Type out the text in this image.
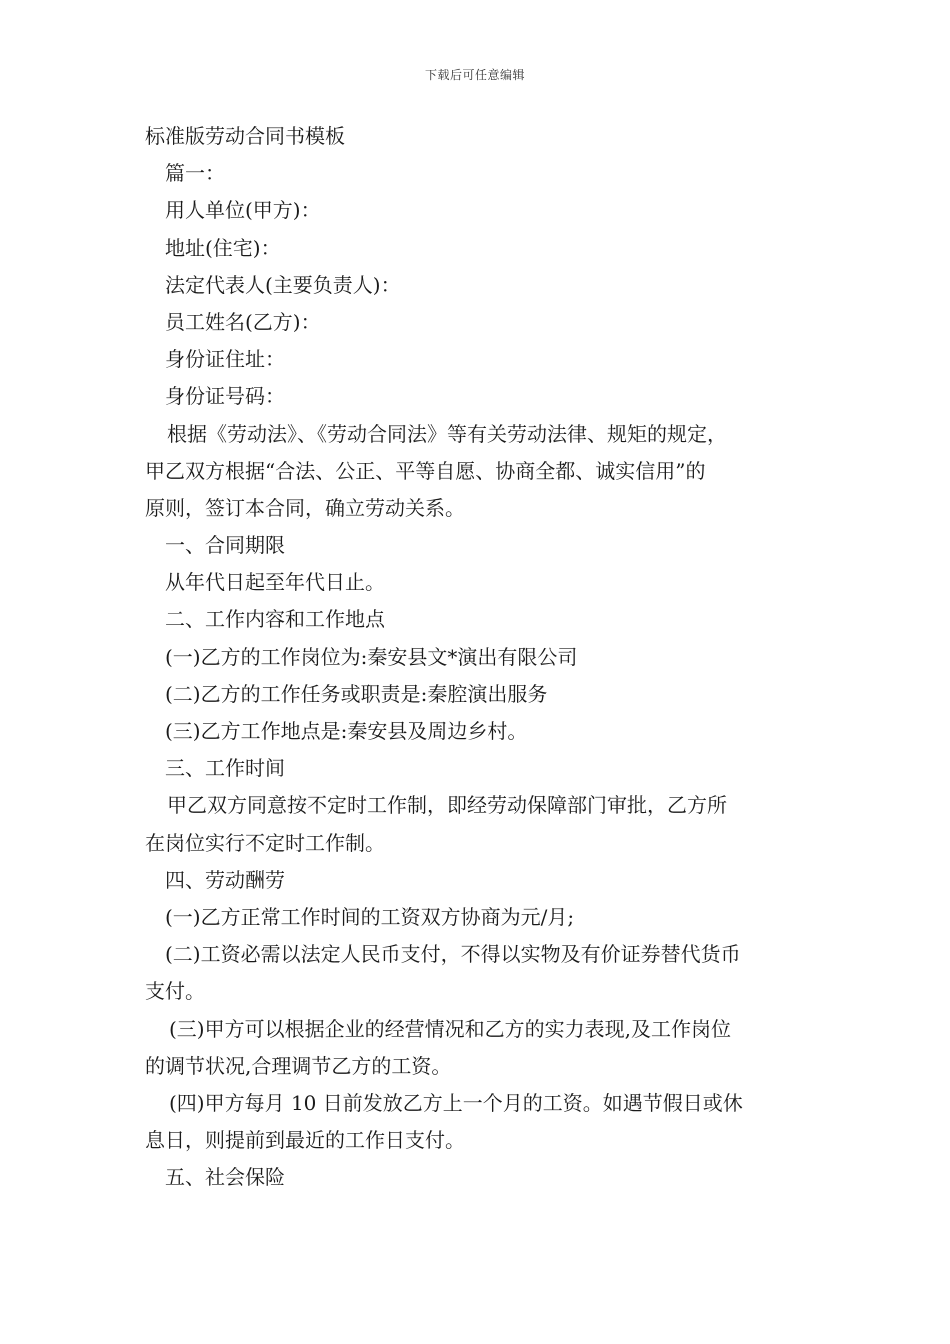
下载后可任意编辑

标准版劳动合同书模板

篇一：

用人单位(甲方)：

地址(住宅)：

法定代表人(主要负责人)：

员工姓名(乙方)：

身份证住址：

身份证号码：

根据《劳动法》、《劳动合同法》等有关劳动法律、规矩的规定，

甲乙双方根据“合法、公正、平等自愿、协商全都、诚实信用”的

原则，签订本合同，确立劳动关系。

一、合同期限

从年代日起至年代日止。

二、工作内容和工作地点

(一)乙方的工作岗位为:秦安县文*演出有限公司

(二)乙方的工作任务或职责是:秦腔演出服务

(三)乙方工作地点是:秦安县及周边乡村。

三、工作时间

甲乙双方同意按不定时工作制，即经劳动保障部门审批，乙方所

在岗位实行不定时工作制。

四、劳动酬劳

(一)乙方正常工作时间的工资双方协商为元/月;

(二)工资必需以法定人民币支付，不得以实物及有价证券替代货币

支付。

(三)甲方可以根据企业的经营情况和乙方的实力表现,及工作岗位

的调节状况,合理调节乙方的工资。

(四)甲方每月 10 日前发放乙方上一个月的工资。如遇节假日或休

息日，则提前到最近的工作日支付。

五、社会保险
